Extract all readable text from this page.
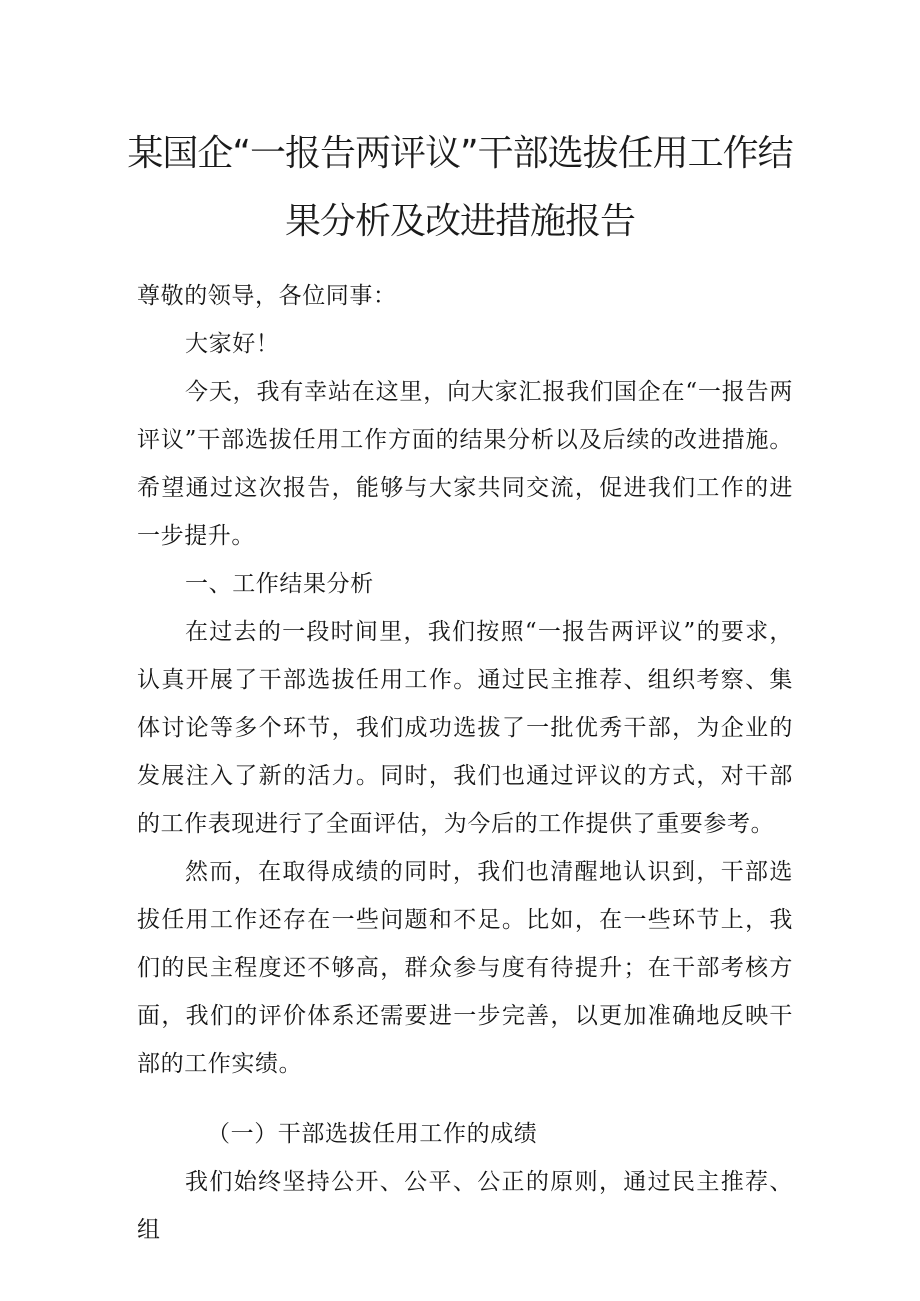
某国企“一报告两评议”干部选拔任用工作结
果分析及改进措施报告

尊敬的领导，各位同事：

大家好！

今天，我有幸站在这里，向大家汇报我们国企在“一报告两评议”干部选拔任用工作方面的结果分析以及后续的改进措施。希望通过这次报告，能够与大家共同交流，促进我们工作的进一步提升。

一、工作结果分析

在过去的一段时间里，我们按照“一报告两评议”的要求，认真开展了干部选拔任用工作。通过民主推荐、组织考察、集体讨论等多个环节，我们成功选拔了一批优秀干部，为企业的发展注入了新的活力。同时，我们也通过评议的方式，对干部的工作表现进行了全面评估，为今后的工作提供了重要参考。

然而，在取得成绩的同时，我们也清醒地认识到，干部选拔任用工作还存在一些问题和不足。比如，在一些环节上，我们的民主程度还不够高，群众参与度有待提升；在干部考核方面，我们的评价体系还需要进一步完善，以更加准确地反映干部的工作实绩。

（一）干部选拔任用工作的成绩

我们始终坚持公开、公平、公正的原则，通过民主推荐、组
